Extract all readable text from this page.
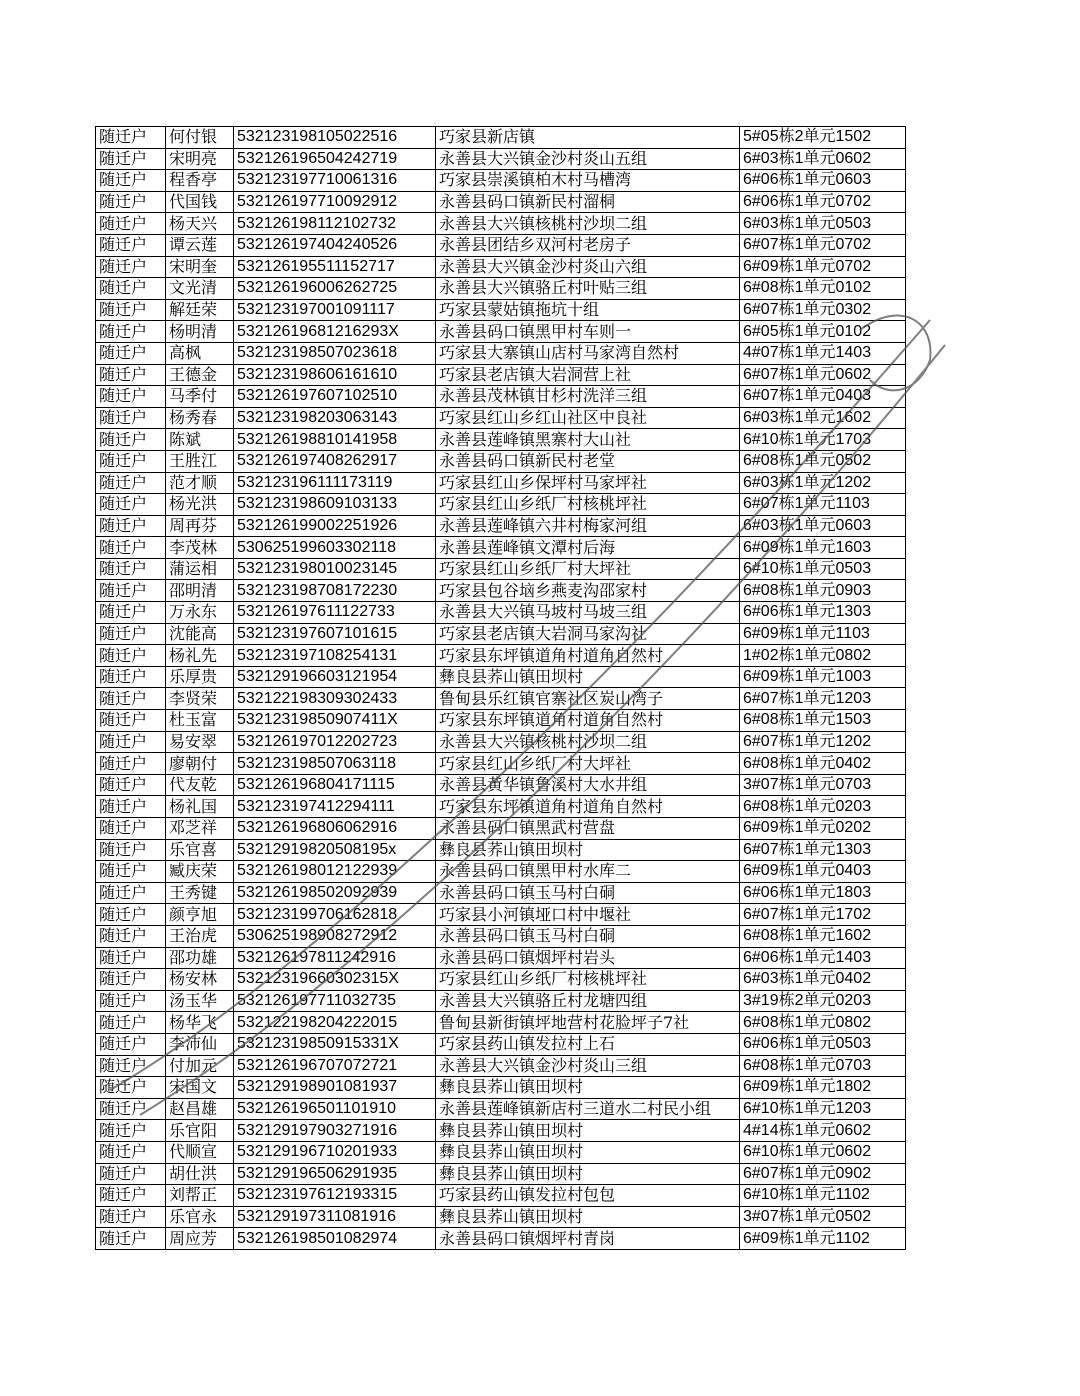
随迁户	何付银	532123198105022516	巧家县新店镇	5#05栋2单元1502
随迁户	宋明亮	532126196504242719	永善县大兴镇金沙村炎山五组	6#03栋1单元0602
随迁户	程香亭	532123197710061316	巧家县崇溪镇柏木村马槽湾	6#06栋1单元0603
随迁户	代国钱	532126197710092912	永善县码口镇新民村溜桐	6#06栋1单元0702
随迁户	杨天兴	532126198112102732	永善县大兴镇核桃村沙坝二组	6#03栋1单元0503
随迁户	谭云莲	532126197404240526	永善县团结乡双河村老房子	6#07栋1单元0702
随迁户	宋明奎	532126195511152717	永善县大兴镇金沙村炎山六组	6#09栋1单元0702
随迁户	文光清	532126196006262725	永善县大兴镇骆丘村叶贴三组	6#08栋1单元0102
随迁户	解廷荣	532123197001091117	巧家县蒙姑镇拖坑十组	6#07栋1单元0302
随迁户	杨明清	53212619681216293X	永善县码口镇黑甲村车则一	6#05栋1单元0102
随迁户	高枫	532123198507023618	巧家县大寨镇山店村马家湾自然村	4#07栋1单元1403
随迁户	王德金	532123198606161610	巧家县老店镇大岩洞营上社	6#07栋1单元0602
随迁户	马季付	532126197607102510	永善县茂林镇甘杉村洗洋三组	6#07栋1单元0403
随迁户	杨秀春	532123198203063143	巧家县红山乡红山社区中良社	6#03栋1单元1602
随迁户	陈斌	532126198810141958	永善县莲峰镇黑寨村大山社	6#10栋1单元1703
随迁户	王胜江	532126197408262917	永善县码口镇新民村老堂	6#08栋1单元0502
随迁户	范才顺	532123196111173119	巧家县红山乡保坪村马家坪社	6#03栋1单元1202
随迁户	杨光洪	532123198609103133	巧家县红山乡纸厂村核桃坪社	6#07栋1单元1103
随迁户	周再芬	532126199002251926	永善县莲峰镇六井村梅家河组	6#03栋1单元0603
随迁户	李茂林	530625199603302118	永善县莲峰镇文潭村后海	6#09栋1单元1603
随迁户	蒲运相	532123198010023145	巧家县红山乡纸厂村大坪社	6#10栋1单元0503
随迁户	邵明清	532123198708172230	巧家县包谷垴乡燕麦沟邵家村	6#08栋1单元0903
随迁户	万永东	532126197611122733	永善县大兴镇马坡村马坡三组	6#06栋1单元1303
随迁户	沈能高	532123197607101615	巧家县老店镇大岩洞马家沟社	6#09栋1单元1103
随迁户	杨礼先	532123197108254131	巧家县东坪镇道角村道角自然村	1#02栋1单元0802
随迁户	乐厚贵	532129196603121954	彝良县荞山镇田坝村	6#09栋1单元1003
随迁户	李贤荣	532122198309302433	鲁甸县乐红镇官寨社区炭山湾子	6#07栋1单元1203
随迁户	杜玉富	53212319850907411X	巧家县东坪镇道角村道角自然村	6#08栋1单元1503
随迁户	易安翠	532126197012202723	永善县大兴镇核桃村沙坝二组	6#07栋1单元1202
随迁户	廖朝付	532123198507063118	巧家县红山乡纸厂村大坪社	6#08栋1单元0402
随迁户	代友乾	532126196804171115	永善县黄华镇鲁溪村大水井组	3#07栋1单元0703
随迁户	杨礼国	532123197412294111	巧家县东坪镇道角村道角自然村	6#08栋1单元0203
随迁户	邓芝祥	532126196806062916	永善县码口镇黑武村营盘	6#09栋1单元0202
随迁户	乐官喜	53212919820508195x	彝良县荞山镇田坝村	6#07栋1单元1303
随迁户	臧庆荣	532126198012122939	永善县码口镇黑甲村水库二	6#09栋1单元0403
随迁户	王秀键	532126198502092939	永善县码口镇玉马村白硐	6#06栋1单元1803
随迁户	颜亨旭	532123199706162818	巧家县小河镇垭口村中堰社	6#07栋1单元1702
随迁户	王治虎	530625198908272912	永善县码口镇玉马村白硐	6#08栋1单元1602
随迁户	邵功雄	532126197811242916	永善县码口镇烟坪村岩头	6#06栋1单元1403
随迁户	杨安林	53212319660302315X	巧家县红山乡纸厂村核桃坪社	6#03栋1单元0402
随迁户	汤玉华	532126197711032735	永善县大兴镇骆丘村龙塘四组	3#19栋2单元0203
随迁户	杨华飞	532122198204222015	鲁甸县新街镇坪地营村花脸坪子7社	6#08栋1单元0802
随迁户	李沛仙	53212319850915331X	巧家县药山镇发拉村上石	6#06栋1单元0503
随迁户	付加元	532126196707072721	永善县大兴镇金沙村炎山三组	6#08栋1单元0703
随迁户	宋国文	532129198901081937	彝良县荞山镇田坝村	6#09栋1单元1802
随迁户	赵昌雄	532126196501101910	永善县莲峰镇新店村三道水二村民小组	6#10栋1单元1203
随迁户	乐官阳	532129197903271916	彝良县荞山镇田坝村	4#14栋1单元0602
随迁户	代顺宣	532129196710201933	彝良县荞山镇田坝村	6#10栋1单元0602
随迁户	胡仕洪	532129196506291935	彝良县荞山镇田坝村	6#07栋1单元0902
随迁户	刘帮正	532123197612193315	巧家县药山镇发拉村包包	6#10栋1单元1102
随迁户	乐官永	532129197311081916	彝良县荞山镇田坝村	3#07栋1单元0502
随迁户	周应芳	532126198501082974	永善县码口镇烟坪村青岗	6#09栋1单元1102
